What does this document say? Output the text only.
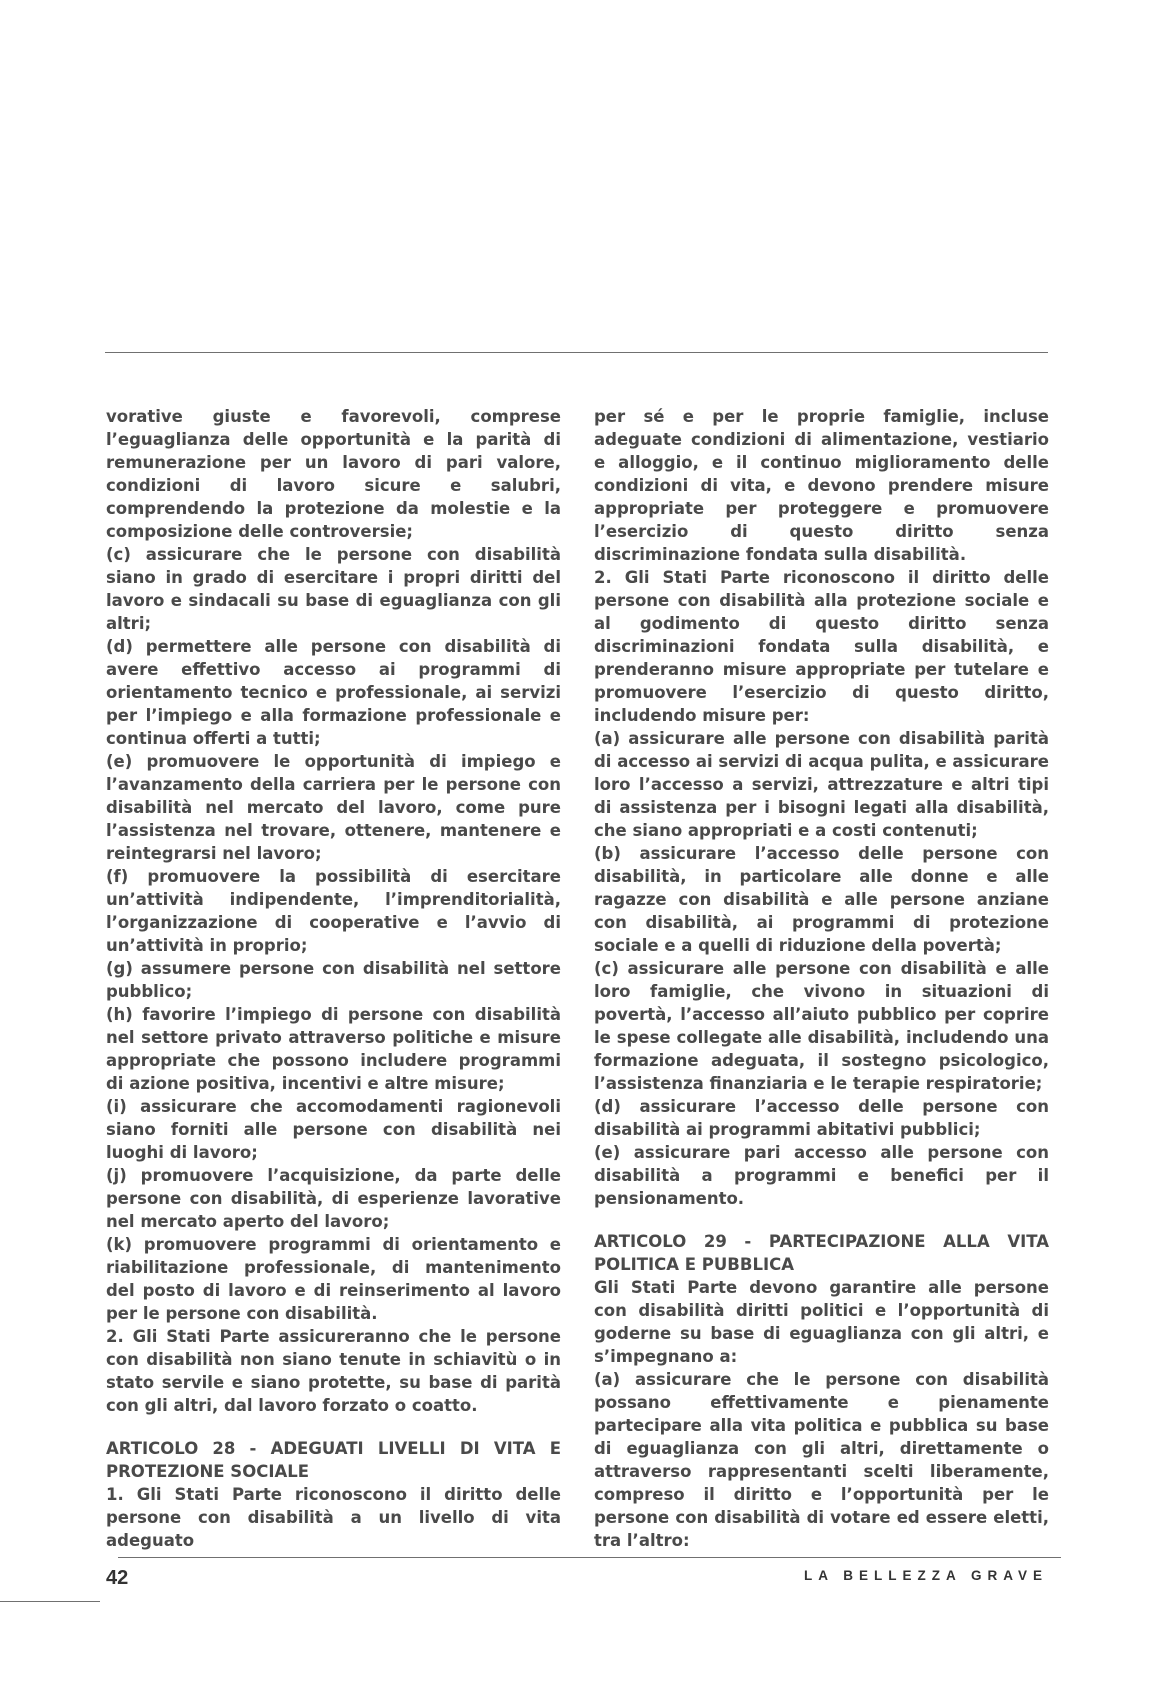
vorative giuste e favorevoli, comprese l’eguaglianza delle opportunità e la parità di remunerazione per un lavoro di pari valore, condizioni di lavoro sicure e salubri, comprendendo la protezione da molestie e la composizione delle controversie;

(c) assicurare che le persone con disabilità siano in grado di esercitare i propri diritti del lavoro e sindacali su base di eguaglianza con gli altri;

(d) permettere alle persone con disabilità di avere effettivo accesso ai programmi di orientamento tecnico e professionale, ai servizi per l’impiego e alla formazione professionale e continua offerti a tutti;

(e) promuovere le opportunità di impiego e l’avanzamento della carriera per le persone con disabilità nel mercato del lavoro, come pure l’assistenza nel trovare, ottenere, mantenere e reintegrarsi nel lavoro;

(f) promuovere la possibilità di esercitare un’attività indipendente, l’imprenditorialità, l’organizzazione di cooperative e l’avvio di un’attività in proprio;

(g) assumere persone con disabilità nel settore pubblico;

(h) favorire l’impiego di persone con disabilità nel settore privato attraverso politiche e misure appropriate che possono includere programmi di azione positiva, incentivi e altre misure;

(i) assicurare che accomodamenti ragionevoli siano forniti alle persone con disabilità nei luoghi di lavoro;

(j) promuovere l’acquisizione, da parte delle persone con disabilità, di esperienze lavorative nel mercato aperto del lavoro;

(k) promuovere programmi di orientamento e riabilitazione professionale, di mantenimento del posto di lavoro e di reinserimento al lavoro per le persone con disabilità.

2. Gli Stati Parte assicureranno che le persone con disabilità non siano tenute in schiavitù o in stato servile e siano protette, su base di parità con gli altri, dal lavoro forzato o coatto.

ARTICOLO 28 - ADEGUATI LIVELLI DI VITA E PROTEZIONE SOCIALE

1. Gli Stati Parte riconoscono il diritto delle persone con disabilità a un livello di vita adeguato

per sé e per le proprie famiglie, incluse adeguate condizioni di alimentazione, vestiario e alloggio, e il continuo miglioramento delle condizioni di vita, e devono prendere misure appropriate per proteggere e promuovere l’esercizio di questo diritto senza discriminazione fondata sulla disabilità.

2. Gli Stati Parte riconoscono il diritto delle persone con disabilità alla protezione sociale e al godimento di questo diritto senza discriminazioni fondata sulla disabilità, e prenderanno misure appropriate per tutelare e promuovere l’esercizio di questo diritto, includendo misure per:

(a) assicurare alle persone con disabilità parità di accesso ai servizi di acqua pulita, e assicurare loro l’accesso a servizi, attrezzature e altri tipi di assistenza per i bisogni legati alla disabilità, che siano appropriati e a costi contenuti;

(b) assicurare l’accesso delle persone con disabilità, in particolare alle donne e alle ragazze con disabilità e alle persone anziane con disabilità, ai programmi di protezione sociale e a quelli di riduzione della povertà;

(c) assicurare alle persone con disabilità e alle loro famiglie, che vivono in situazioni di povertà, l’accesso all’aiuto pubblico per coprire le spese collegate alle disabilità, includendo una formazione adeguata, il sostegno psicologico, l’assistenza finanziaria e le terapie respiratorie;

(d) assicurare l’accesso delle persone con disabilità ai programmi abitativi pubblici;

(e) assicurare pari accesso alle persone con disabilità a programmi e benefici per il pensionamento.

ARTICOLO 29 - PARTECIPAZIONE ALLA VITA POLITICA E PUBBLICA

Gli Stati Parte devono garantire alle persone con disabilità diritti politici e l’opportunità di goderne su base di eguaglianza con gli altri, e s’impegnano a:

(a) assicurare che le persone con disabilità possano effettivamente e pienamente partecipare alla vita politica e pubblica su base di eguaglianza con gli altri, direttamente o attraverso rappresentanti scelti liberamente, compreso il diritto e l’opportunità per le persone con disabilità di votare ed essere eletti, tra l’altro:

42	LA BELLEZZA GRAVE
